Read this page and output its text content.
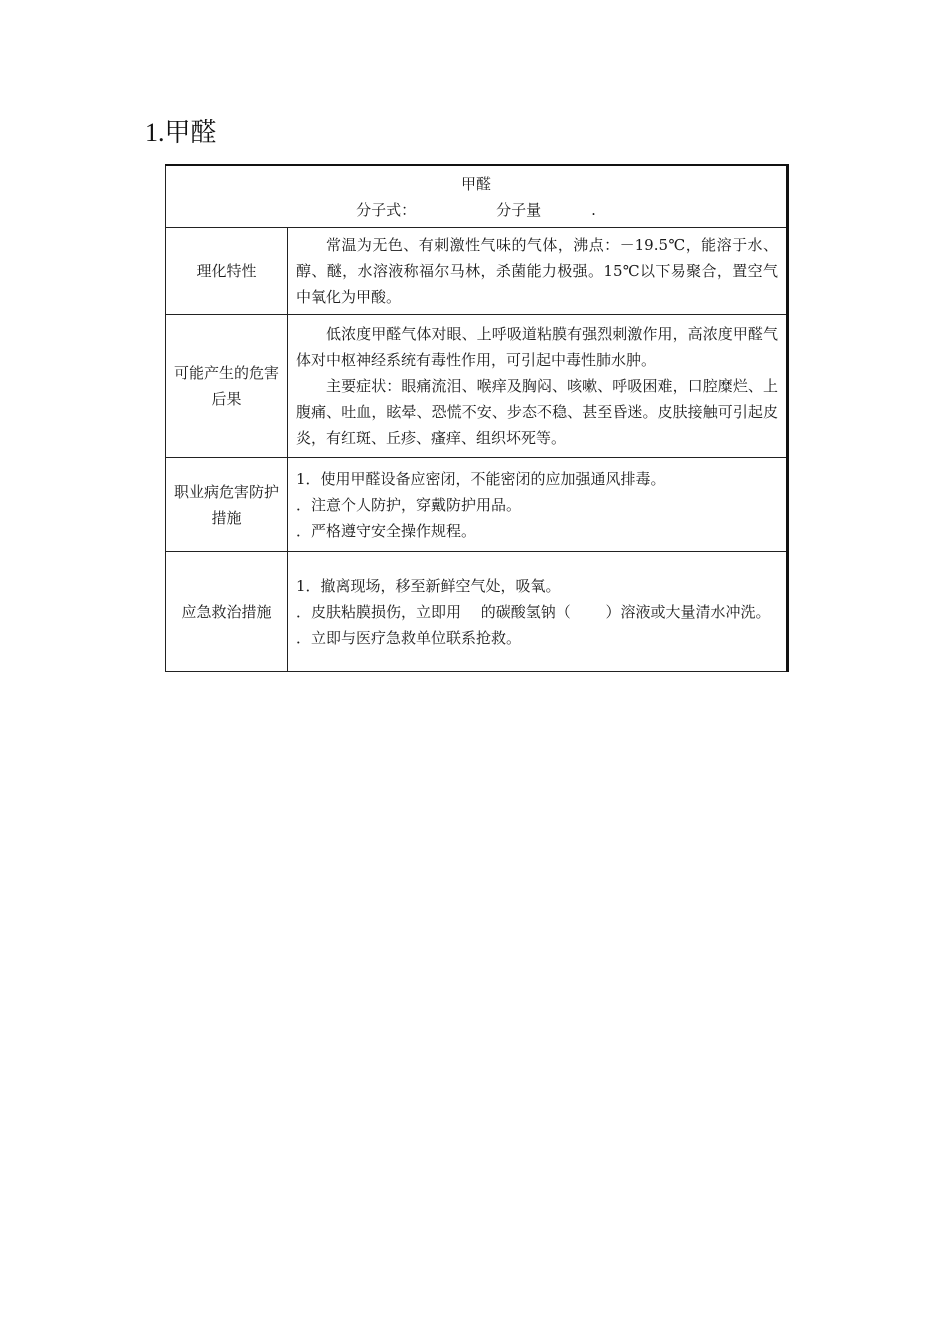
1.甲醛
甲醛
分子式： 分子量 .	

理化特性	常温为无色、有刺激性气味的气体，沸点：－19.5℃，能溶于水、醇、醚，水溶液称福尔马林，杀菌能力极强。15℃以下易聚合，置空气中氧化为甲酸。

可能产生的危害后果	低浓度甲醛气体对眼、上呼吸道粘膜有强烈刺激作用，高浓度甲醛气体对中枢神经系统有毒性作用，可引起中毒性肺水肿。

主要症状：眼痛流泪、喉痒及胸闷、咳嗽、呼吸困难，口腔糜烂、上腹痛、吐血，眩晕、恐慌不安、步态不稳、甚至昏迷。皮肤接触可引起皮炎，有红斑、丘疹、瘙痒、组织坏死等。

职业病危害防护措施	1．使用甲醛设备应密闭，不能密闭的应加强通风排毒。

．注意个人防护，穿戴防护用品。

．严格遵守安全操作规程。

应急救治措施	1．撤离现场，移至新鲜空气处，吸氧。

．皮肤粘膜损伤，立即用　 的碳酸氢钠（　　 ）溶液或大量清水冲洗。

．立即与医疗急救单位联系抢救。
